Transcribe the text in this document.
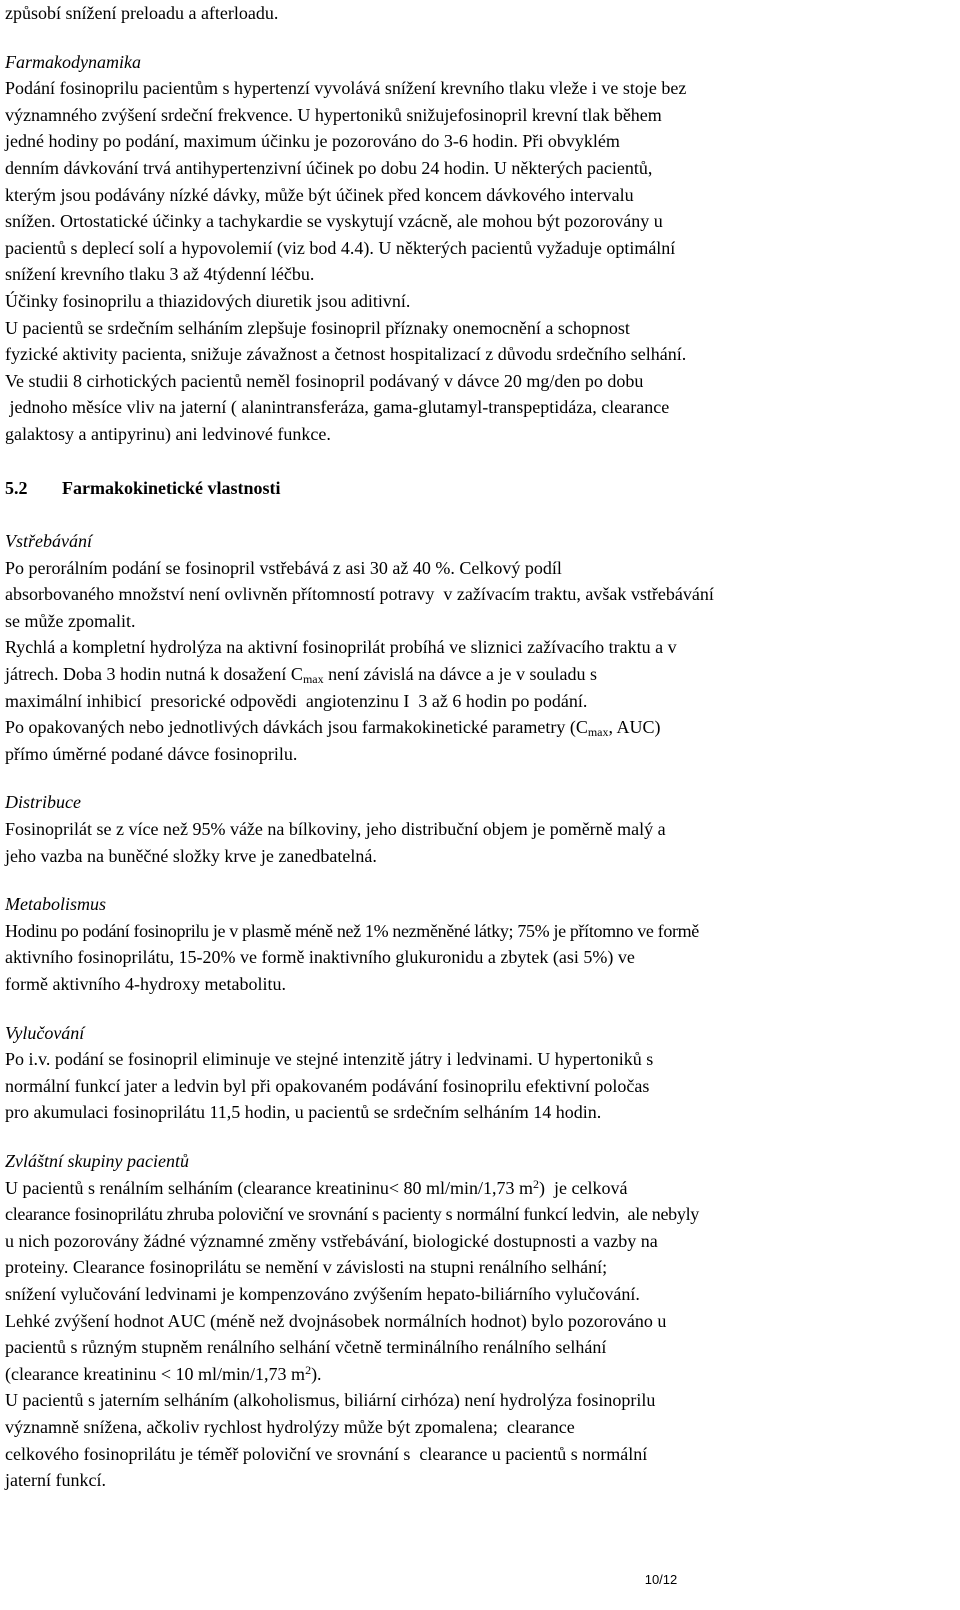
způsobí snížení preloadu a afterloadu.

Farmakodynamika

Podání fosinoprilu pacientům s hypertenzí vyvolává snížení krevního tlaku vleže i ve stoje bez

významného zvýšení srdeční frekvence. U hypertoniků snižujefosinopril krevní tlak během

jedné hodiny po podání, maximum účinku je pozorováno do 3-6 hodin. Při obvyklém

denním dávkování trvá antihypertenzivní účinek po dobu 24 hodin. U některých pacientů,

kterým jsou podávány nízké dávky, může být účinek před koncem dávkového intervalu

snížen. Ortostatické účinky a tachykardie se vyskytují vzácně, ale mohou být pozorovány u

pacientů s deplecí solí a hypovolemií (viz bod 4.4). U některých pacientů vyžaduje optimální

snížení krevního tlaku 3 až 4týdenní léčbu.

Účinky fosinoprilu a thiazidových diuretik jsou aditivní.

U pacientů se srdečním selháním zlepšuje fosinopril příznaky onemocnění a schopnost

fyzické aktivity pacienta, snižuje závažnost a četnost hospitalizací z důvodu srdečního selhání.

Ve studii 8 cirhotických pacientů neměl fosinopril podávaný v dávce 20 mg/den po dobu

jednoho měsíce vliv na jaterní ( alanintransferáza, gama-glutamyl-transpeptidáza, clearance

galaktosy a antipyrinu) ani ledvinové funkce.

5.2 Farmakokinetické vlastnosti

Vstřebávání

Po perorálním podání se fosinopril vstřebává z asi 30 až 40 %. Celkový podíl

absorbovaného množství není ovlivněn přítomností potravy  v zažívacím traktu, avšak vstřebávání

se může zpomalit.

Rychlá a kompletní hydrolýza na aktivní fosinoprilát probíhá ve sliznici zažívacího traktu a v

játrech. Doba 3 hodin nutná k dosažení $C_{max}$ není závislá na dávce a je v souladu s

maximální inhibicí  presorické odpovědi  angiotenzinu I  3 až 6 hodin po podání.

Po opakovaných nebo jednotlivých dávkách jsou farmakokinetické parametry ($C_{max}$, AUC)

přímo úměrné podané dávce fosinoprilu.

Distribuce

Fosinoprilát se z více než 95% váže na bílkoviny, jeho distribuční objem je poměrně malý a

jeho vazba na buněčné složky krve je zanedbatelná.

Metabolismus

Hodinu po podání fosinoprilu je v plasmě méně než 1% nezměněné látky; 75% je přítomno ve formě

aktivního fosinoprilátu, 15-20% ve formě inaktivního glukuronidu a zbytek (asi 5%) ve

formě aktivního 4-hydroxy metabolitu.

Vylučování

Po i.v. podání se fosinopril eliminuje ve stejné intenzitě játry i ledvinami. U hypertoniků s

normální funkcí jater a ledvin byl při opakovaném podávání fosinoprilu efektivní poločas

pro akumulaci fosinoprilátu 11,5 hodin, u pacientů se srdečním selháním 14 hodin.

Zvláštní skupiny pacientů

U pacientů s renálním selháním (clearance kreatininu< 80 ml/min/1,73 $m^2$)  je celková

clearance fosinoprilátu zhruba poloviční ve srovnání s pacienty s normální funkcí ledvin,  ale nebyly

u nich pozorovány žádné významné změny vstřebávání, biologické dostupnosti a vazby na

proteiny. Clearance fosinoprilátu se nemění v závislosti na stupni renálního selhání;

snížení vylučování ledvinami je kompenzováno zvýšením hepato-biliárního vylučování.

Lehké zvýšení hodnot AUC (méně než dvojnásobek normálních hodnot) bylo pozorováno u

pacientů s různým stupněm renálního selhání včetně terminálního renálního selhání

(clearance kreatininu < 10 ml/min/1,73 $m^2$).

U pacientů s jaterním selháním (alkoholismus, biliární cirhóza) není hydrolýza fosinoprilu

významně snížena, ačkoliv rychlost hydrolýzy může být zpomalena;  clearance

celkového fosinoprilátu je téměř poloviční ve srovnání s  clearance u pacientů s normální

jaterní funkcí.

10/12
